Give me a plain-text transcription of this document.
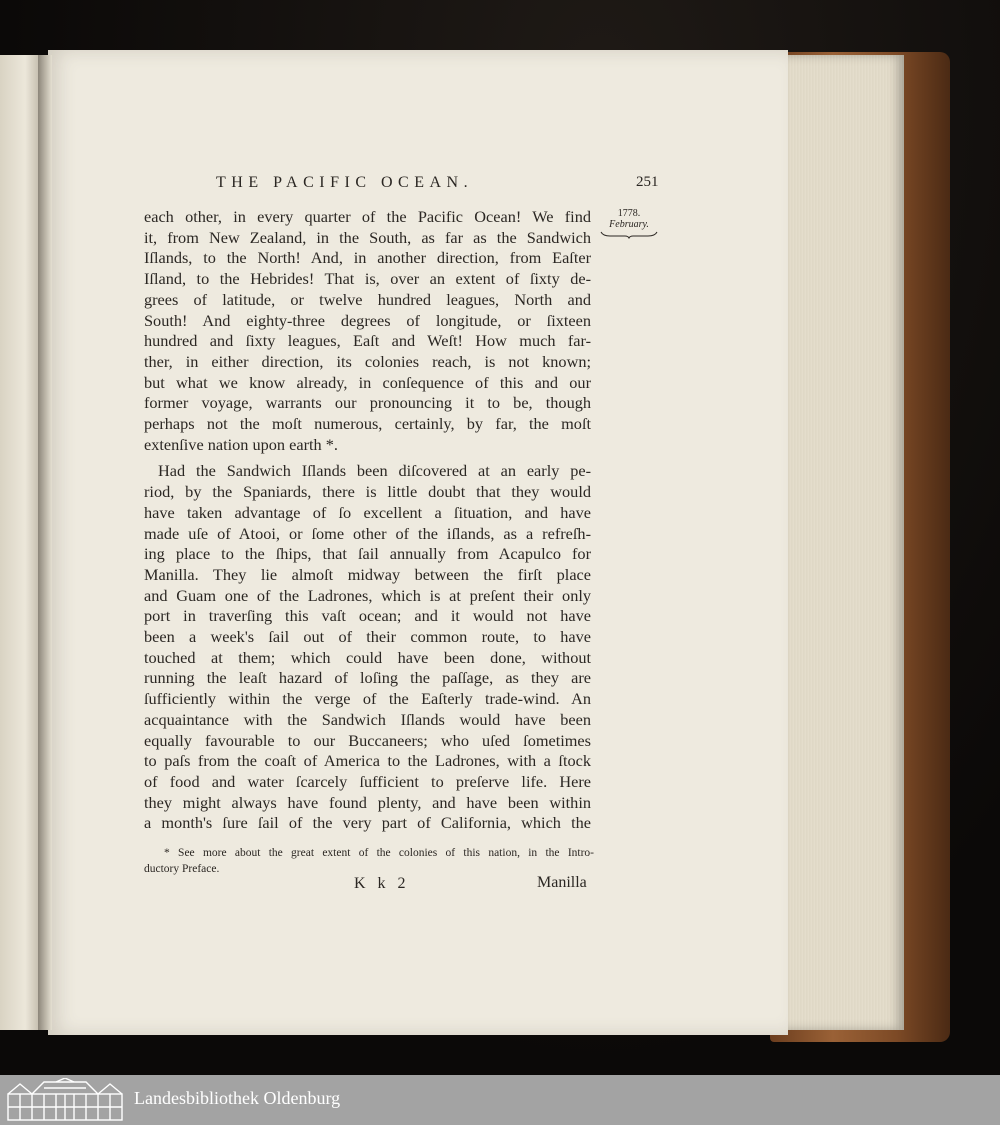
THE PACIFIC OCEAN.	251
1778.
February.
each other, in every quarter of the Pacific Ocean! We find
it, from New Zealand, in the South, as far as the Sandwich
Iſlands, to the North! And, in another direction, from Eaſter
Iſland, to the Hebrides! That is, over an extent of ſixty de-
grees of latitude, or twelve hundred leagues, North and
South! And eighty-three degrees of longitude, or ſixteen
hundred and ſixty leagues, Eaſt and Weſt! How much far-
ther, in either direction, its colonies reach, is not known;
but what we know already, in conſequence of this and our
former voyage, warrants our pronouncing it to be, though
perhaps not the moſt numerous, certainly, by far, the moſt
extenſive nation upon earth *.
Had the Sandwich Iſlands been diſcovered at an early pe-
riod, by the Spaniards, there is little doubt that they would
have taken advantage of ſo excellent a ſituation, and have
made uſe of Atooi, or ſome other of the iſlands, as a refreſh-
ing place to the ſhips, that ſail annually from Acapulco for
Manilla. They lie almoſt midway between the firſt place
and Guam one of the Ladrones, which is at preſent their only
port in traverſing this vaſt ocean; and it would not have
been a week's ſail out of their common route, to have
touched at them; which could have been done, without
running the leaſt hazard of loſing the paſſage, as they are
ſufficiently within the verge of the Eaſterly trade-wind. An
acquaintance with the Sandwich Iſlands would have been
equally favourable to our Buccaneers; who uſed ſometimes
to paſs from the coaſt of America to the Ladrones, with a ſtock
of food and water ſcarcely ſufficient to preſerve life. Here
they might always have found plenty, and have been within
a month's ſure ſail of the very part of California, which the
* See more about the great extent of the colonies of this nation, in the Intro-
ductory Preface.
K k 2	Manilla
Landesbibliothek Oldenburg
